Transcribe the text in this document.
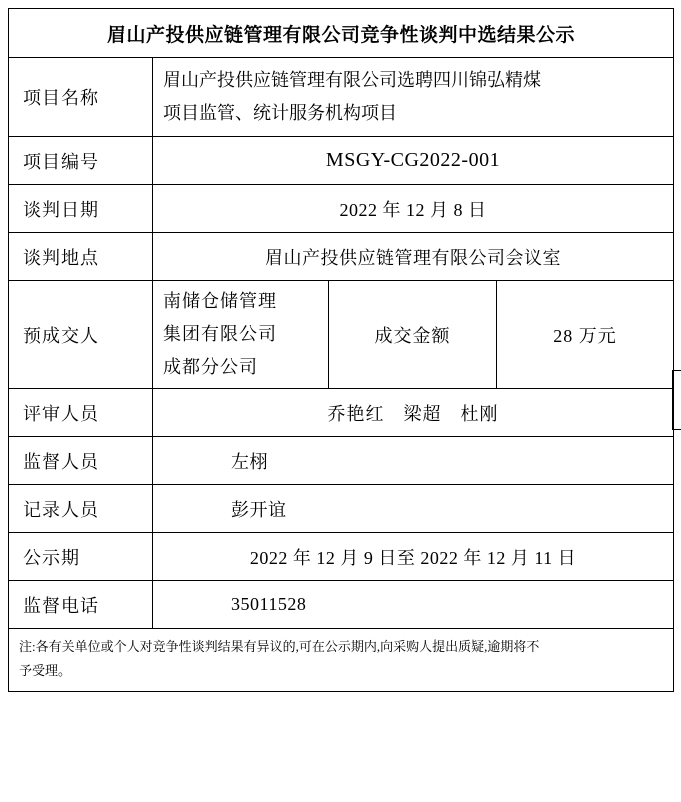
眉山产投供应链管理有限公司竞争性谈判中选结果公示			
项目名称	眉山产投供应链管理有限公司选聘四川锦弘精煤
项目监管、统计服务机构项目		

项目编号	MSGY-CG2022-001		
谈判日期	2022 年 12 月 8 日		
谈判地点	眉山产投供应链管理有限公司会议室		
预成交人	南储仓储管理
集团有限公司
成都分公司	成交金额	28 万元
评审人员	乔艳红　梁超　杜刚		
监督人员	左栩		
记录人员	彭开谊		
公示期	2022 年 12 月 9 日至 2022 年 12 月 11 日		
监督电话	35011528		

注:各有关单位或个人对竞争性谈判结果有异议的,可在公示期内,向采购人提出质疑,逾期将不
予受理。			
